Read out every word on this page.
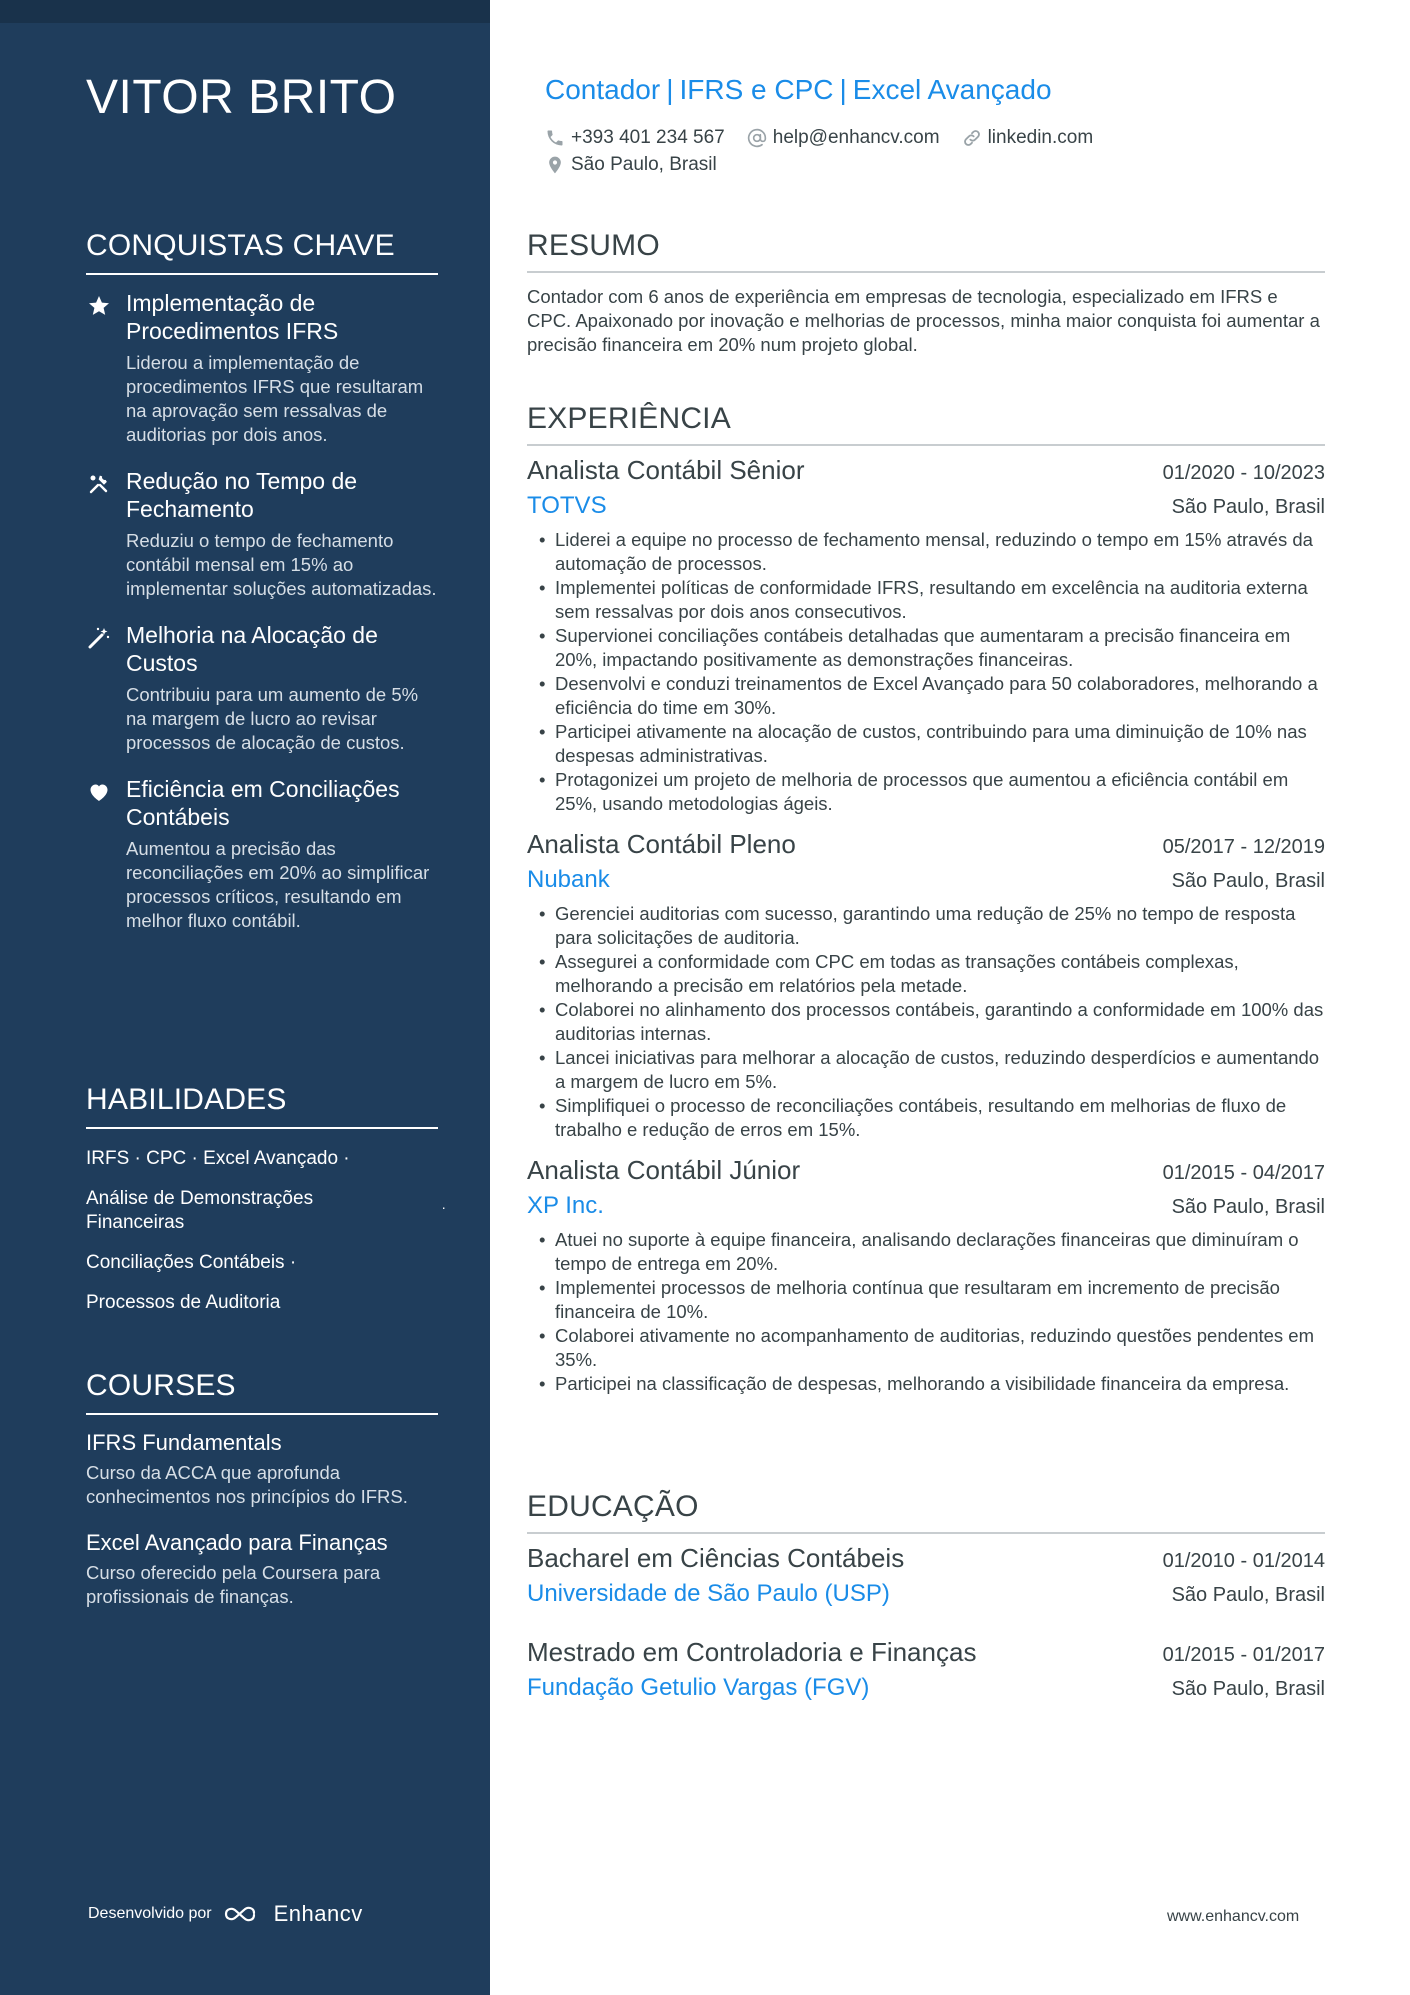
VITOR BRITO
CONQUISTAS CHAVE
Implementação de Procedimentos IFRS
Liderou a implementação de procedimentos IFRS que resultaram na aprovação sem ressalvas de auditorias por dois anos.
Redução no Tempo de Fechamento
Reduziu o tempo de fechamento contábil mensal em 15% ao implementar soluções automatizadas.
Melhoria na Alocação de Custos
Contribuiu para um aumento de 5% na margem de lucro ao revisar processos de alocação de custos.
Eficiência em Conciliações Contábeis
Aumentou a precisão das reconciliações em 20% ao simplificar processos críticos, resultando em melhor fluxo contábil.
HABILIDADES
IRFS · CPC · Excel Avançado ·
Análise de Demonstrações Financeiras
·
Conciliações Contábeis ·
Processos de Auditoria
COURSES
IFRS Fundamentals
Curso da ACCA que aprofunda conhecimentos nos princípios do IFRS.
Excel Avançado para Finanças
Curso oferecido pela Coursera para profissionais de finanças.
Desenvolvido por	Enhancv
Contador | IFRS e CPC | Excel Avançado
+393 401 234 567	help@enhancv.com	linkedin.com
São Paulo, Brasil
RESUMO
Contador com 6 anos de experiência em empresas de tecnologia, especializado em IFRS e CPC. Apaixonado por inovação e melhorias de processos, minha maior conquista foi aumentar a precisão financeira em 20% num projeto global.
EXPERIÊNCIA
Analista Contábil Sênior	01/2020 - 10/2023
TOTVS	São Paulo, Brasil
• Liderei a equipe no processo de fechamento mensal, reduzindo o tempo em 15% através da automação de processos.
• Implementei políticas de conformidade IFRS, resultando em excelência na auditoria externa sem ressalvas por dois anos consecutivos.
• Supervionei conciliações contábeis detalhadas que aumentaram a precisão financeira em 20%, impactando positivamente as demonstrações financeiras.
• Desenvolvi e conduzi treinamentos de Excel Avançado para 50 colaboradores, melhorando a eficiência do time em 30%.
• Participei ativamente na alocação de custos, contribuindo para uma diminuição de 10% nas despesas administrativas.
• Protagonizei um projeto de melhoria de processos que aumentou a eficiência contábil em 25%, usando metodologias ágeis.
Analista Contábil Pleno	05/2017 - 12/2019
Nubank	São Paulo, Brasil
• Gerenciei auditorias com sucesso, garantindo uma redução de 25% no tempo de resposta para solicitações de auditoria.
• Assegurei a conformidade com CPC em todas as transações contábeis complexas, melhorando a precisão em relatórios pela metade.
• Colaborei no alinhamento dos processos contábeis, garantindo a conformidade em 100% das auditorias internas.
• Lancei iniciativas para melhorar a alocação de custos, reduzindo desperdícios e aumentando a margem de lucro em 5%.
• Simplifiquei o processo de reconciliações contábeis, resultando em melhorias de fluxo de trabalho e redução de erros em 15%.
Analista Contábil Júnior	01/2015 - 04/2017
XP Inc.	São Paulo, Brasil
• Atuei no suporte à equipe financeira, analisando declarações financeiras que diminuíram o tempo de entrega em 20%.
• Implementei processos de melhoria contínua que resultaram em incremento de precisão financeira de 10%.
• Colaborei ativamente no acompanhamento de auditorias, reduzindo questões pendentes em 35%.
• Participei na classificação de despesas, melhorando a visibilidade financeira da empresa.
EDUCAÇÃO
Bacharel em Ciências Contábeis	01/2010 - 01/2014
Universidade de São Paulo (USP)	São Paulo, Brasil
Mestrado em Controladoria e Finanças	01/2015 - 01/2017
Fundação Getulio Vargas (FGV)	São Paulo, Brasil
www.enhancv.com
